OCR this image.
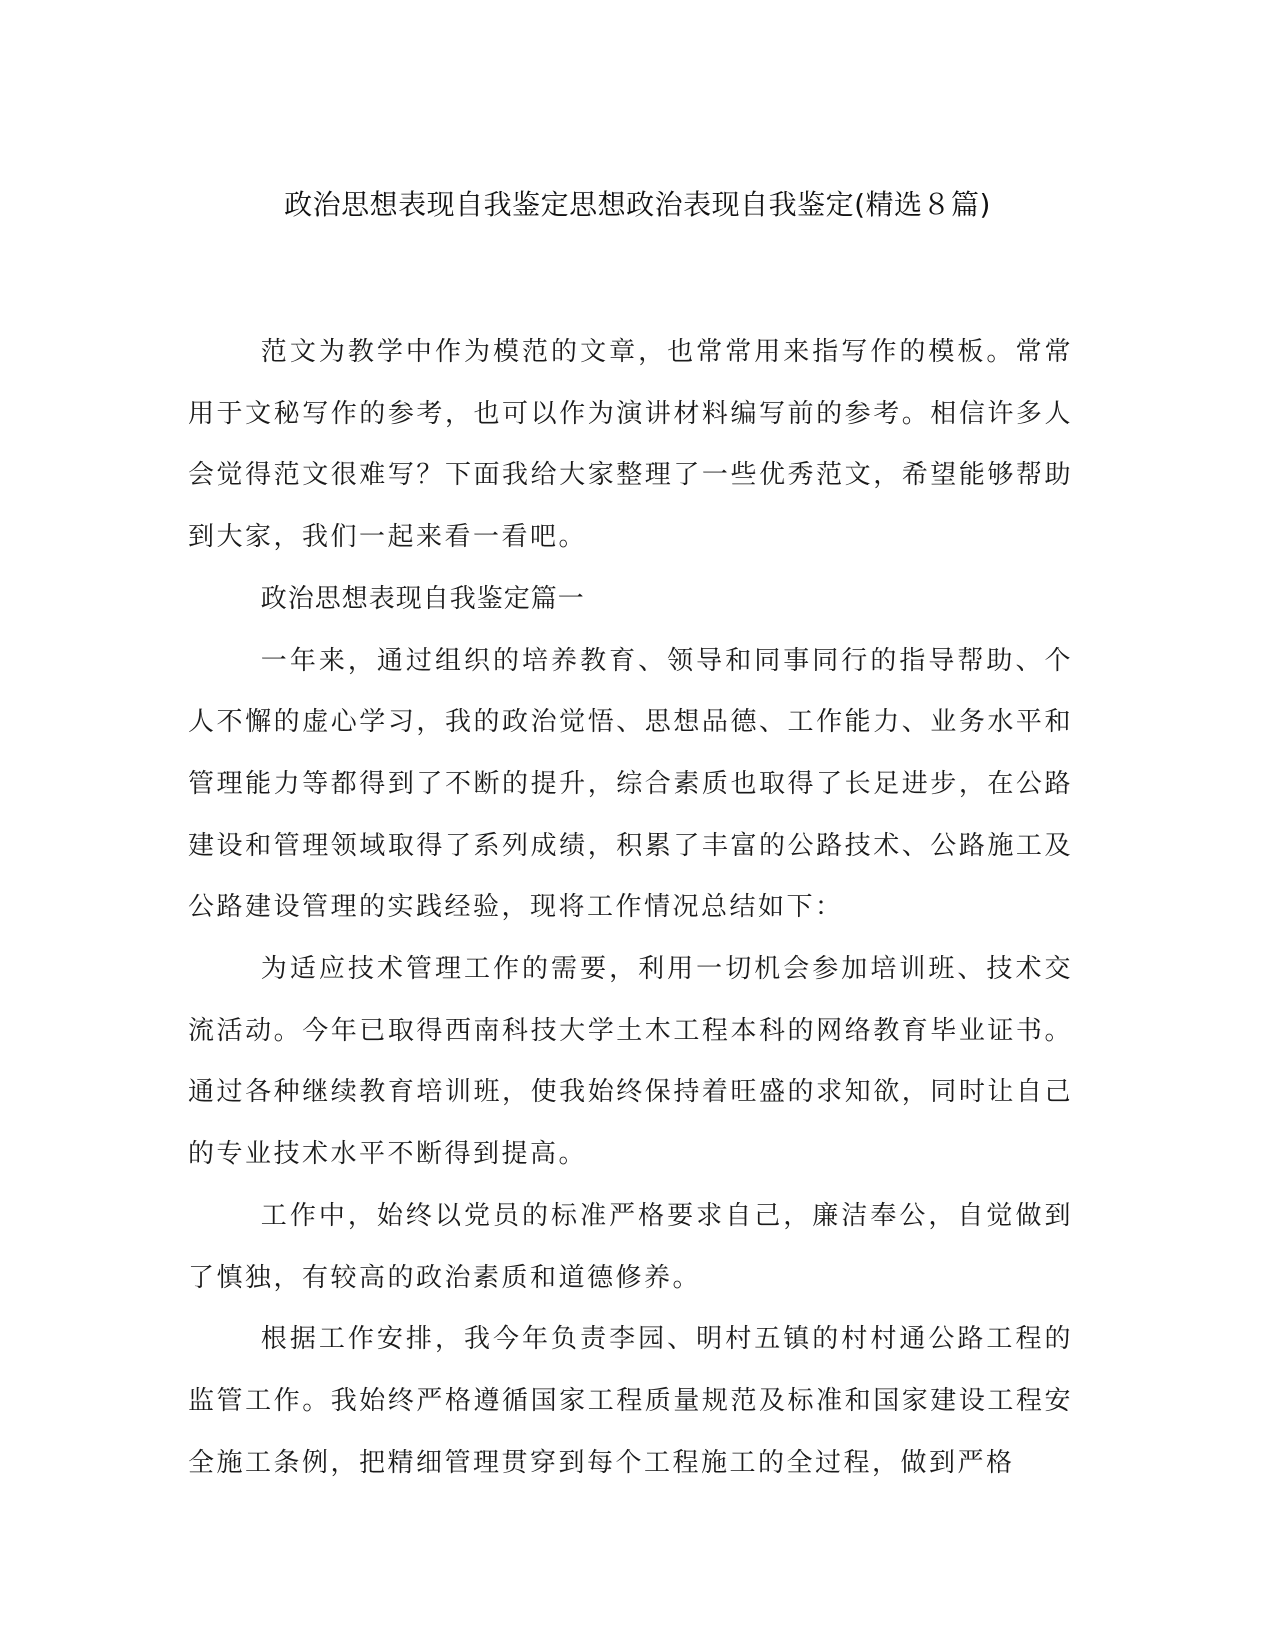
政治思想表现自我鉴定思想政治表现自我鉴定(精选８篇)

范文为教学中作为模范的文章，也常常用来指写作的模板。常常用于文秘写作的参考，也可以作为演讲材料编写前的参考。相信许多人会觉得范文很难写？下面我给大家整理了一些优秀范文，希望能够帮助到大家，我们一起来看一看吧。

政治思想表现自我鉴定篇一

一年来，通过组织的培养教育、领导和同事同行的指导帮助、个人不懈的虚心学习，我的政治觉悟、思想品德、工作能力、业务水平和管理能力等都得到了不断的提升，综合素质也取得了长足进步，在公路建设和管理领域取得了系列成绩，积累了丰富的公路技术、公路施工及公路建设管理的实践经验，现将工作情况总结如下：

为适应技术管理工作的需要，利用一切机会参加培训班、技术交流活动。今年已取得西南科技大学土木工程本科的网络教育毕业证书。通过各种继续教育培训班，使我始终保持着旺盛的求知欲，同时让自己的专业技术水平不断得到提高。

工作中，始终以党员的标准严格要求自己，廉洁奉公，自觉做到了慎独，有较高的政治素质和道德修养。

根据工作安排，我今年负责李园、明村五镇的村村通公路工程的监管工作。我始终严格遵循国家工程质量规范及标准和国家建设工程安全施工条例，把精细管理贯穿到每个工程施工的全过程，做到严格
